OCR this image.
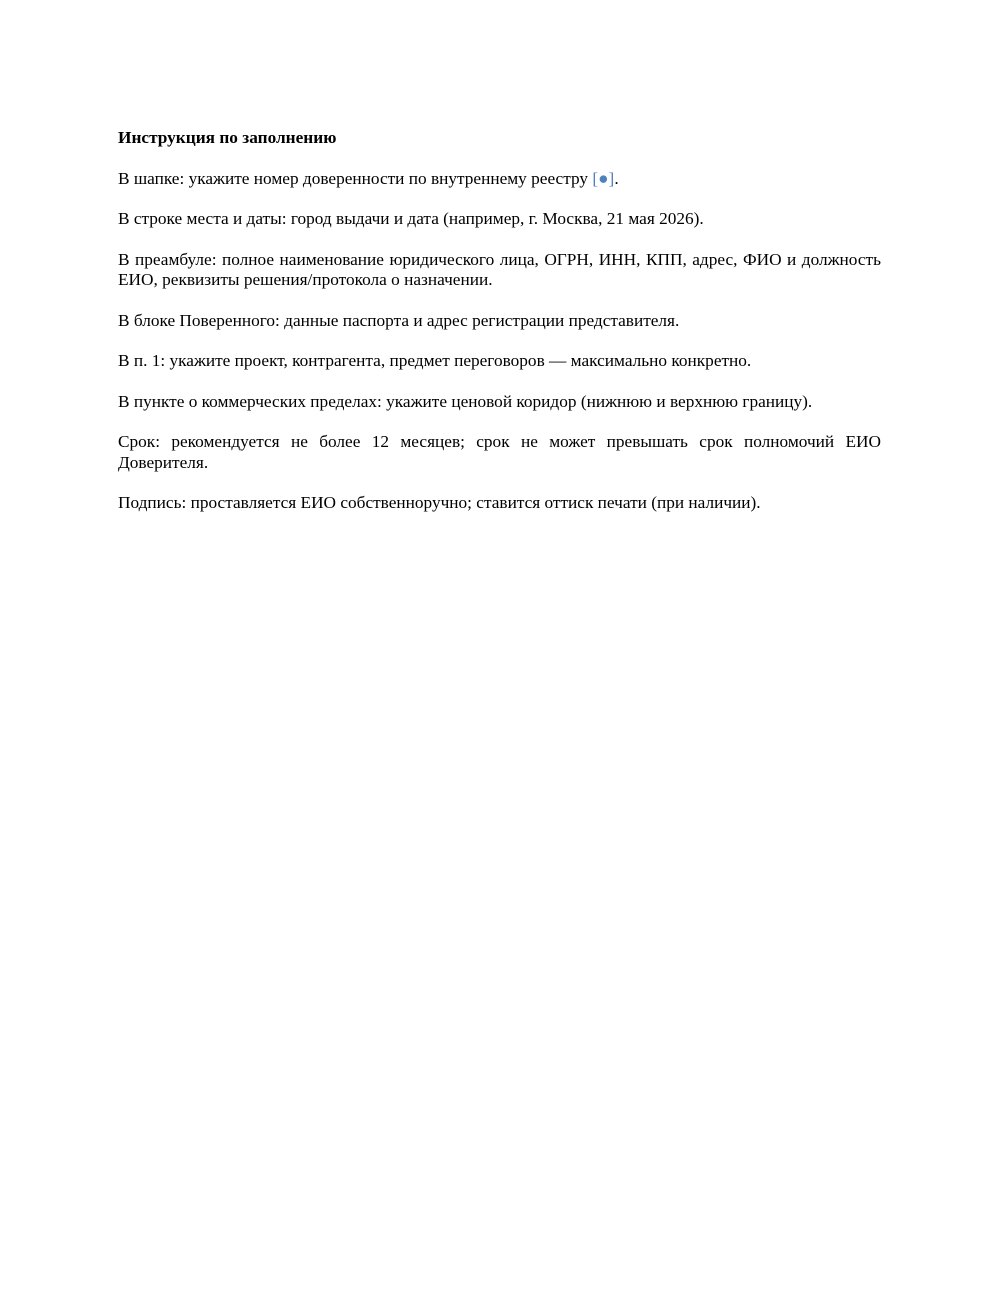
Инструкция по заполнению
В шапке: укажите номер доверенности по внутреннему реестру [●].
В строке места и даты: город выдачи и дата (например, г. Москва, 21 мая 2026).
В преамбуле: полное наименование юридического лица, ОГРН, ИНН, КПП, адрес, ФИО и должность ЕИО, реквизиты решения/протокола о назначении.
В блоке Поверенного: данные паспорта и адрес регистрации представителя.
В п. 1: укажите проект, контрагента, предмет переговоров — максимально конкретно.
В пункте о коммерческих пределах: укажите ценовой коридор (нижнюю и верхнюю границу).
Срок: рекомендуется не более 12 месяцев; срок не может превышать срок полномочий ЕИО Доверителя.
Подпись: проставляется ЕИО собственноручно; ставится оттиск печати (при наличии).
